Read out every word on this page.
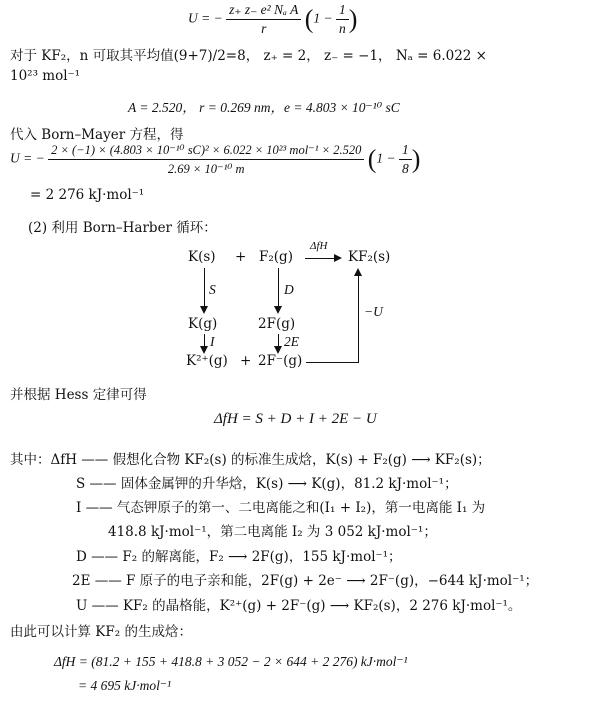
U = − $\frac{\text{z₊ z₋ e² Nₐ A}}{r} (1 - \frac{1}{n}$ )
对于 KF₂，n 可取其平均值(9+7)/2=8， z₊ = 2， z₋ = −1， Nₐ = 6.022 ×
10²³ mol⁻¹
A = 2.520， r = 0.269 nm，e = 4.803 × 10⁻¹⁰ sC
代入 Born–Mayer 方程，得
U = − $\frac{\text{2 × (−1) × (4.803 × 10⁻¹⁰ sC)² × 6.022 × 10²³ mol⁻¹ × 2.520}}{\text{2.69 × 10⁻¹⁰ m}} (1 - \frac{1}{8}$ )
= 2 276 kJ·mol⁻¹
(2) 利用 Born–Harber 循环：
K(s) + F₂(g)
ΔfH
KF₂(s)
S	D
K(g)	2F(g)
I	2E
K²⁺(g) + 2F⁻(g)
−U
并根据 Hess 定律可得
ΔfH = S + D + I + 2E − U
其中：ΔfH —— 假想化合物 KF₂(s) 的标准生成焓，K(s) + F₂(g) ⟶ KF₂(s)；
S —— 固体金属钾的升华焓，K(s) ⟶ K(g)，81.2 kJ·mol⁻¹；
I —— 气态钾原子的第一、二电离能之和(I₁ + I₂)，第一电离能 I₁ 为
418.8 kJ·mol⁻¹，第二电离能 I₂ 为 3 052 kJ·mol⁻¹；
D —— F₂ 的解离能，F₂ ⟶ 2F(g)，155 kJ·mol⁻¹；
2E —— F 原子的电子亲和能，2F(g) + 2e⁻ ⟶ 2F⁻(g)，−644 kJ·mol⁻¹；
U —— KF₂ 的晶格能，K²⁺(g) + 2F⁻(g) ⟶ KF₂(s)，2 276 kJ·mol⁻¹。
由此可以计算 KF₂ 的生成焓：
ΔfH = (81.2 + 155 + 418.8 + 3 052 − 2 × 644 + 2 276) kJ·mol⁻¹
= 4 695 kJ·mol⁻¹
